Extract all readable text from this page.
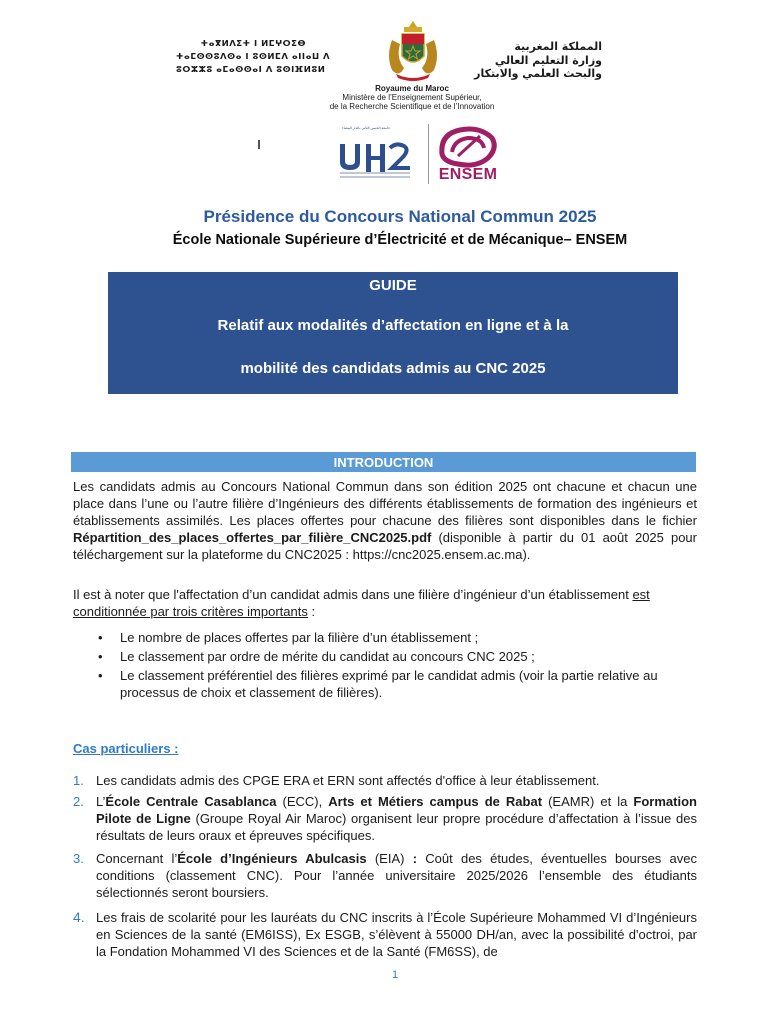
ⵜⴰⴳⵍⴷⵉⵜ ⵏ ⵍⵎⵖⵔⵉⴱ
ⵜⴰⵎⵙⵙⵓⴷⵙⴰ ⵏ ⵓⵙⵍⵎⴷ ⴰⵏⵏⴰⵡ ⴷ
ⵓⵔⵣⵣⵓ ⴰⵎⴰⵙⵙⴰⵏ ⴷ ⵓⵙⵏⴼⵍⵓⵍ
المملكة المغربية
وزارة التعليم العالي
والبحث العلمي والابتكار
Royaume du Maroc
Ministère de l’Enseignement Supérieur,
de la Recherche Scientifique et de l’Innovation
جامعة الحسن الثاني بالدار البيضاء
ENSEM
Présidence du Concours National Commun 2025
École Nationale Supérieure d’Électricité et de Mécanique– ENSEM
GUIDE
Relatif aux modalités d’affectation en ligne et à la
mobilité des candidats admis au CNC 2025
INTRODUCTION
Les candidats admis au Concours National Commun dans son édition 2025 ont chacune et chacun une place dans l’une ou l’autre filière d’Ingénieurs des différents établissements de formation des ingénieurs et établissements assimilés. Les places offertes pour chacune des filières sont disponibles dans le fichier Répartition_des_places_offertes_par_filière_CNC2025.pdf (disponible à partir du 01 août 2025 pour téléchargement sur la plateforme du CNC2025 : https://cnc2025.ensem.ac.ma).
Il est à noter que l'affectation d’un candidat admis dans une filière d’ingénieur d’un établissement est conditionnée par trois critères importants :
• Le nombre de places offertes par la filière d’un établissement ;
• Le classement par ordre de mérite du candidat au concours CNC 2025 ;
• Le classement préférentiel des filières exprimé par le candidat admis (voir la partie relative au processus de choix et classement de filières).
Cas particuliers :
1. Les candidats admis des CPGE ERA et ERN sont affectés d'office à leur établissement.
2. L’École Centrale Casablanca (ECC), Arts et Métiers campus de Rabat (EAMR) et la Formation Pilote de Ligne (Groupe Royal Air Maroc) organisent leur propre procédure d’affectation à l’issue des résultats de leurs oraux et épreuves spécifiques.
3. Concernant l’École d’Ingénieurs Abulcasis (EIA) : Coût des études, éventuelles bourses avec conditions (classement CNC). Pour l’année universitaire 2025/2026 l’ensemble des étudiants sélectionnés seront boursiers.
4. Les frais de scolarité pour les lauréats du CNC inscrits à l’École Supérieure Mohammed VI d’Ingénieurs en Sciences de la santé (EM6ISS), Ex ESGB, s’élèvent à 55000 DH/an, avec la possibilité d'octroi, par la Fondation Mohammed VI des Sciences et de la Santé (FM6SS), de
1
